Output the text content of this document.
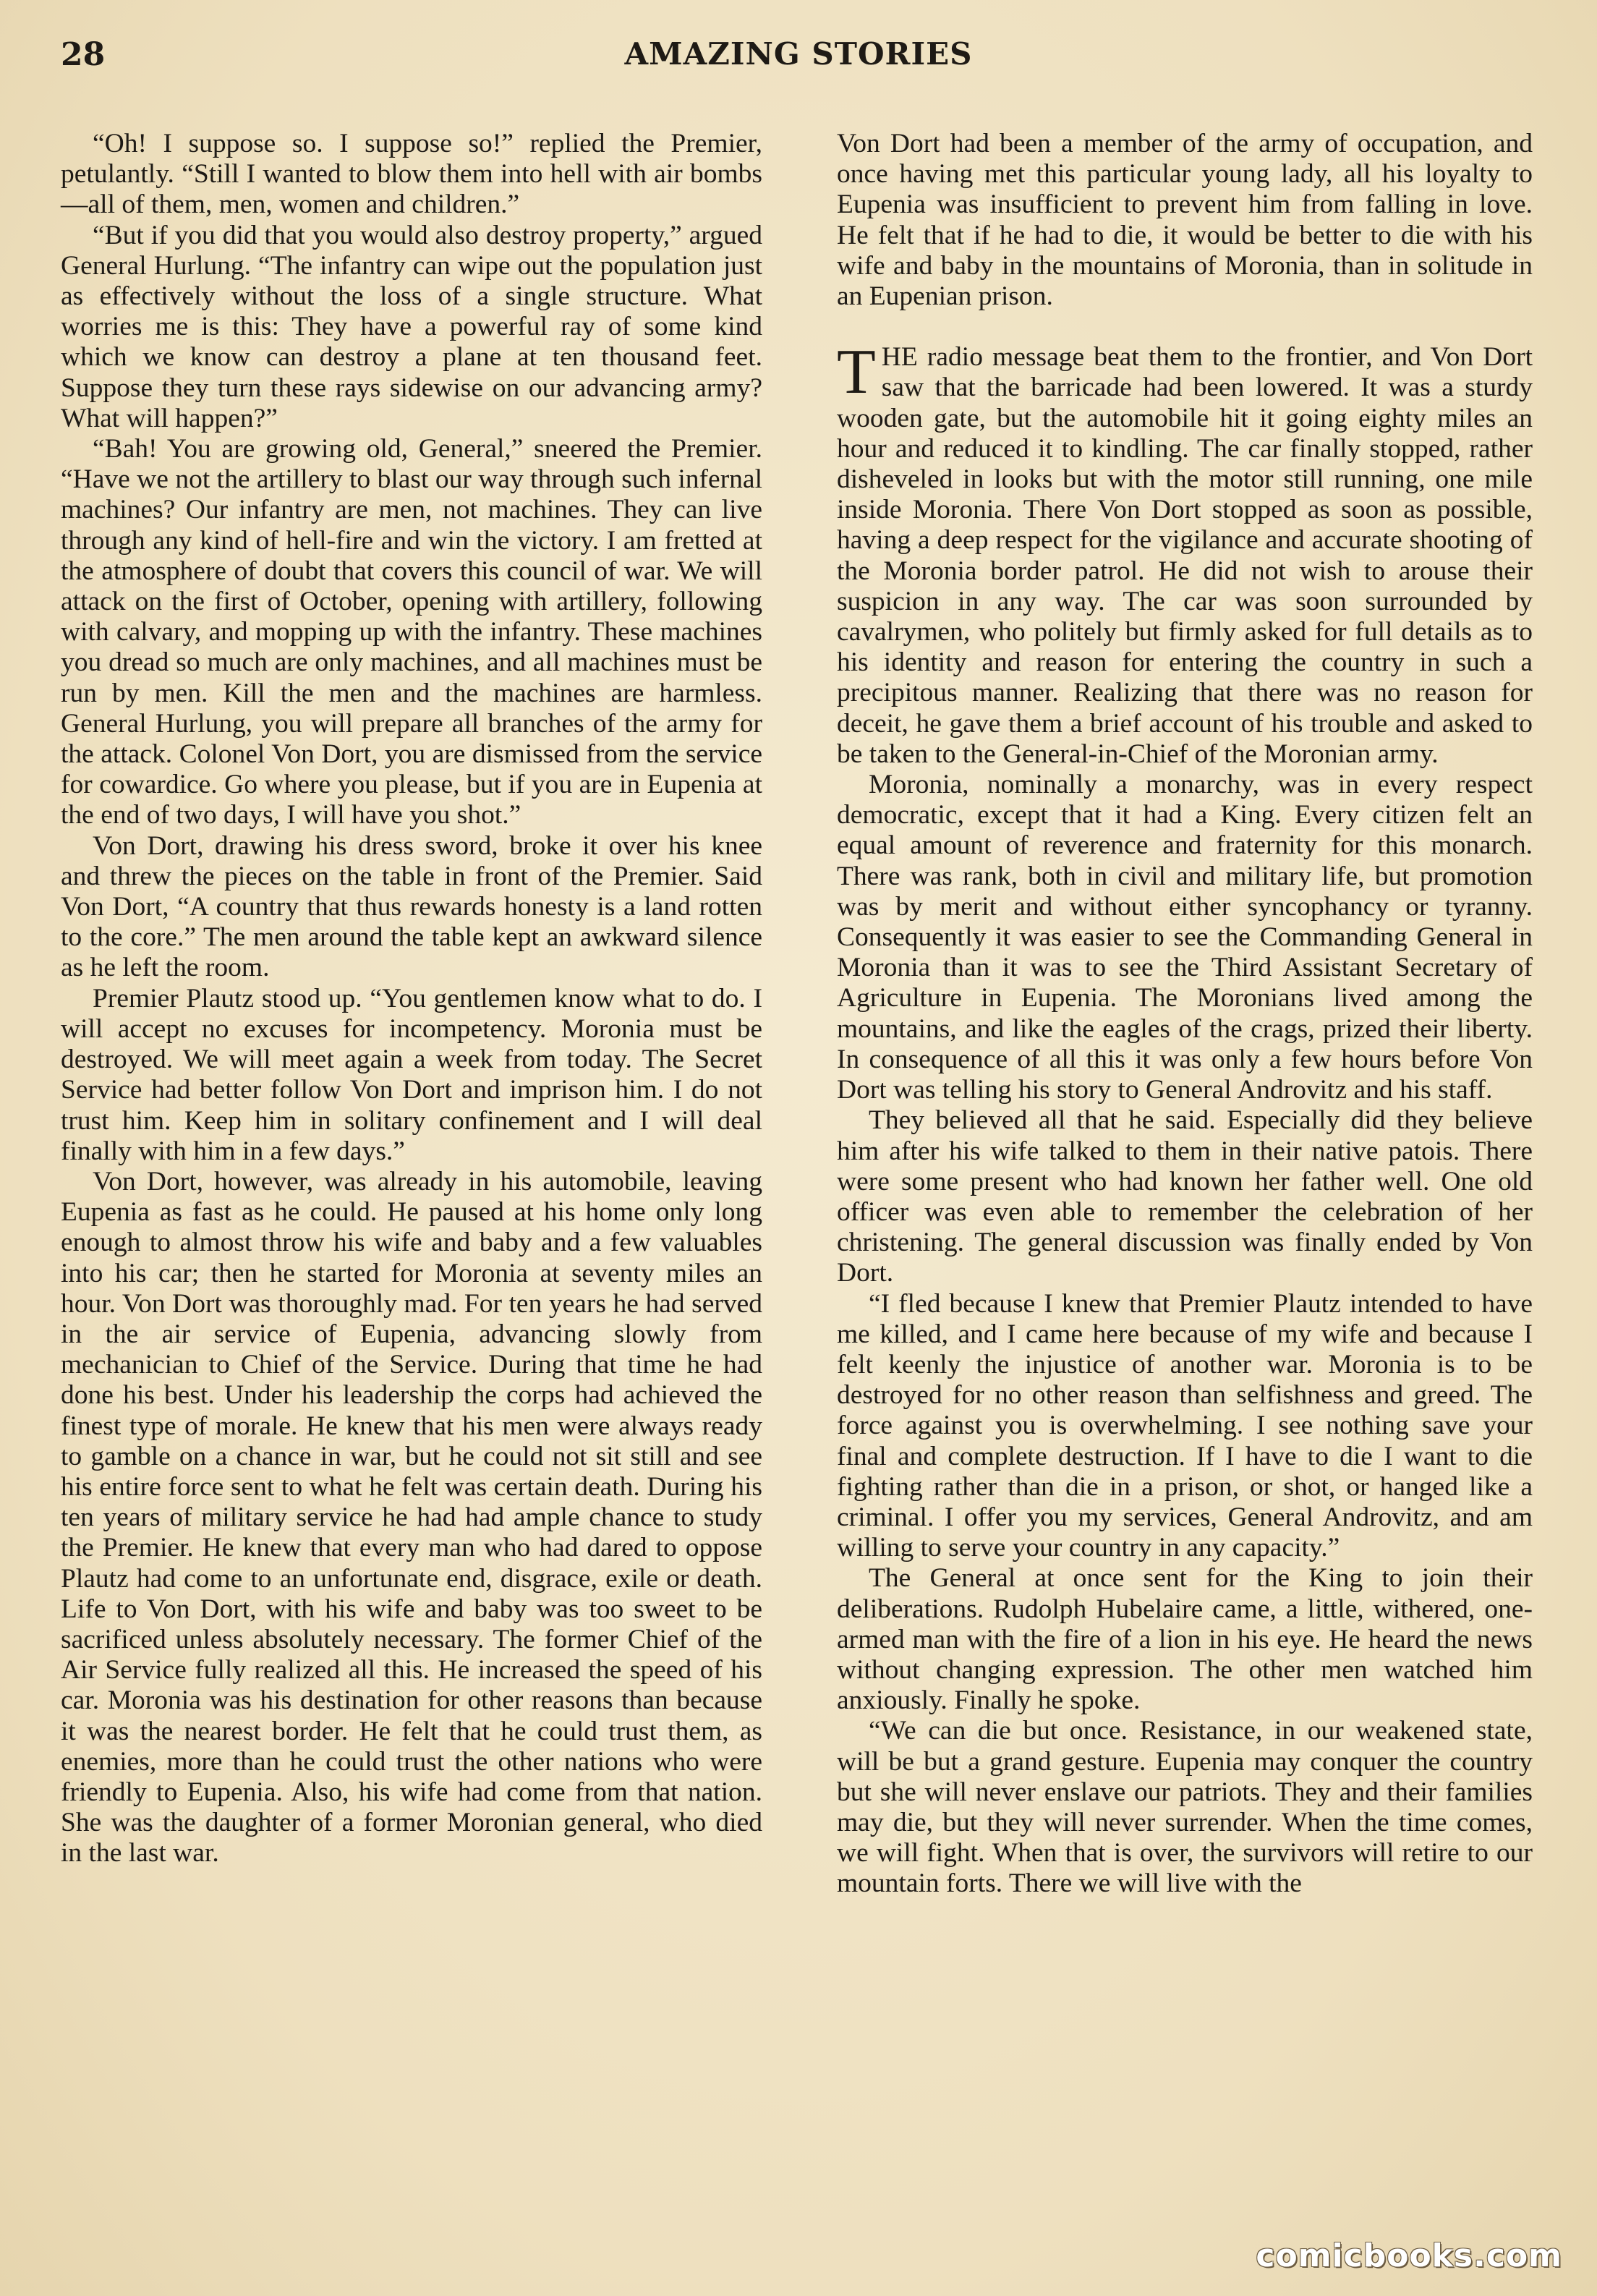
28	AMAZING STORIES

“Oh! I suppose so. I suppose so!” replied the Premier, petulantly. “Still I wanted to blow them into hell with air bombs—all of them, men, women and children.”

“But if you did that you would also destroy property,” argued General Hurlung. “The infantry can wipe out the population just as effectively without the loss of a single structure. What worries me is this: They have a powerful ray of some kind which we know can destroy a plane at ten thousand feet. Suppose they turn these rays sidewise on our advancing army? What will happen?”

“Bah! You are growing old, General,” sneered the Premier. “Have we not the artillery to blast our way through such infernal machines? Our infantry are men, not machines. They can live through any kind of hell-fire and win the victory. I am fretted at the atmosphere of doubt that covers this council of war. We will attack on the first of October, opening with artillery, following with calvary, and mopping up with the infantry. These machines you dread so much are only machines, and all machines must be run by men. Kill the men and the machines are harmless. General Hurlung, you will prepare all branches of the army for the attack. Colonel Von Dort, you are dismissed from the service for cowardice. Go where you please, but if you are in Eupenia at the end of two days, I will have you shot.”

Von Dort, drawing his dress sword, broke it over his knee and threw the pieces on the table in front of the Premier. Said Von Dort, “A country that thus rewards honesty is a land rotten to the core.” The men around the table kept an awkward silence as he left the room.

Premier Plautz stood up. “You gentlemen know what to do. I will accept no excuses for incompetency. Moronia must be destroyed. We will meet again a week from today. The Secret Service had better follow Von Dort and imprison him. I do not trust him. Keep him in solitary confinement and I will deal finally with him in a few days.”

Von Dort, however, was already in his automobile, leaving Eupenia as fast as he could. He paused at his home only long enough to almost throw his wife and baby and a few valuables into his car; then he started for Moronia at seventy miles an hour. Von Dort was thoroughly mad. For ten years he had served in the air service of Eupenia, advancing slowly from mechanician to Chief of the Service. During that time he had done his best. Under his leadership the corps had achieved the finest type of morale. He knew that his men were always ready to gamble on a chance in war, but he could not sit still and see his entire force sent to what he felt was certain death. During his ten years of military service he had had ample chance to study the Premier. He knew that every man who had dared to oppose Plautz had come to an unfortunate end, disgrace, exile or death. Life to Von Dort, with his wife and baby was too sweet to be sacrificed unless absolutely necessary. The former Chief of the Air Service fully realized all this. He increased the speed of his car. Moronia was his destination for other reasons than because it was the nearest border. He felt that he could trust them, as enemies, more than he could trust the other nations who were friendly to Eupenia. Also, his wife had come from that nation. She was the daughter of a former Moronian general, who died in the last war.

Von Dort had been a member of the army of occupation, and once having met this particular young lady, all his loyalty to Eupenia was insufficient to prevent him from falling in love. He felt that if he had to die, it would be better to die with his wife and baby in the mountains of Moronia, than in solitude in an Eupenian prison.

THE radio message beat them to the frontier, and Von Dort saw that the barricade had been lowered. It was a sturdy wooden gate, but the automobile hit it going eighty miles an hour and reduced it to kindling. The car finally stopped, rather disheveled in looks but with the motor still running, one mile inside Moronia. There Von Dort stopped as soon as possible, having a deep respect for the vigilance and accurate shooting of the Moronia border patrol. He did not wish to arouse their suspicion in any way. The car was soon surrounded by cavalrymen, who politely but firmly asked for full details as to his identity and reason for entering the country in such a precipitous manner. Realizing that there was no reason for deceit, he gave them a brief account of his trouble and asked to be taken to the General-in-Chief of the Moronian army.

Moronia, nominally a monarchy, was in every respect democratic, except that it had a King. Every citizen felt an equal amount of reverence and fraternity for this monarch. There was rank, both in civil and military life, but promotion was by merit and without either syncophancy or tyranny. Consequently it was easier to see the Commanding General in Moronia than it was to see the Third Assistant Secretary of Agriculture in Eupenia. The Moronians lived among the mountains, and like the eagles of the crags, prized their liberty. In consequence of all this it was only a few hours before Von Dort was telling his story to General Androvitz and his staff.

They believed all that he said. Especially did they believe him after his wife talked to them in their native patois. There were some present who had known her father well. One old officer was even able to remember the celebration of her christening. The general discussion was finally ended by Von Dort.

“I fled because I knew that Premier Plautz intended to have me killed, and I came here because of my wife and because I felt keenly the injustice of another war. Moronia is to be destroyed for no other reason than selfishness and greed. The force against you is overwhelming. I see nothing save your final and complete destruction. If I have to die I want to die fighting rather than die in a prison, or shot, or hanged like a criminal. I offer you my services, General Androvitz, and am willing to serve your country in any capacity.”

The General at once sent for the King to join their deliberations. Rudolph Hubelaire came, a little, withered, one-armed man with the fire of a lion in his eye. He heard the news without changing expression. The other men watched him anxiously. Finally he spoke.

“We can die but once. Resistance, in our weakened state, will be but a grand gesture. Eupenia may conquer the country but she will never enslave our patriots. They and their families may die, but they will never surrender. When the time comes, we will fight. When that is over, the survivors will retire to our mountain forts. There we will live with the

comicbooks.com
